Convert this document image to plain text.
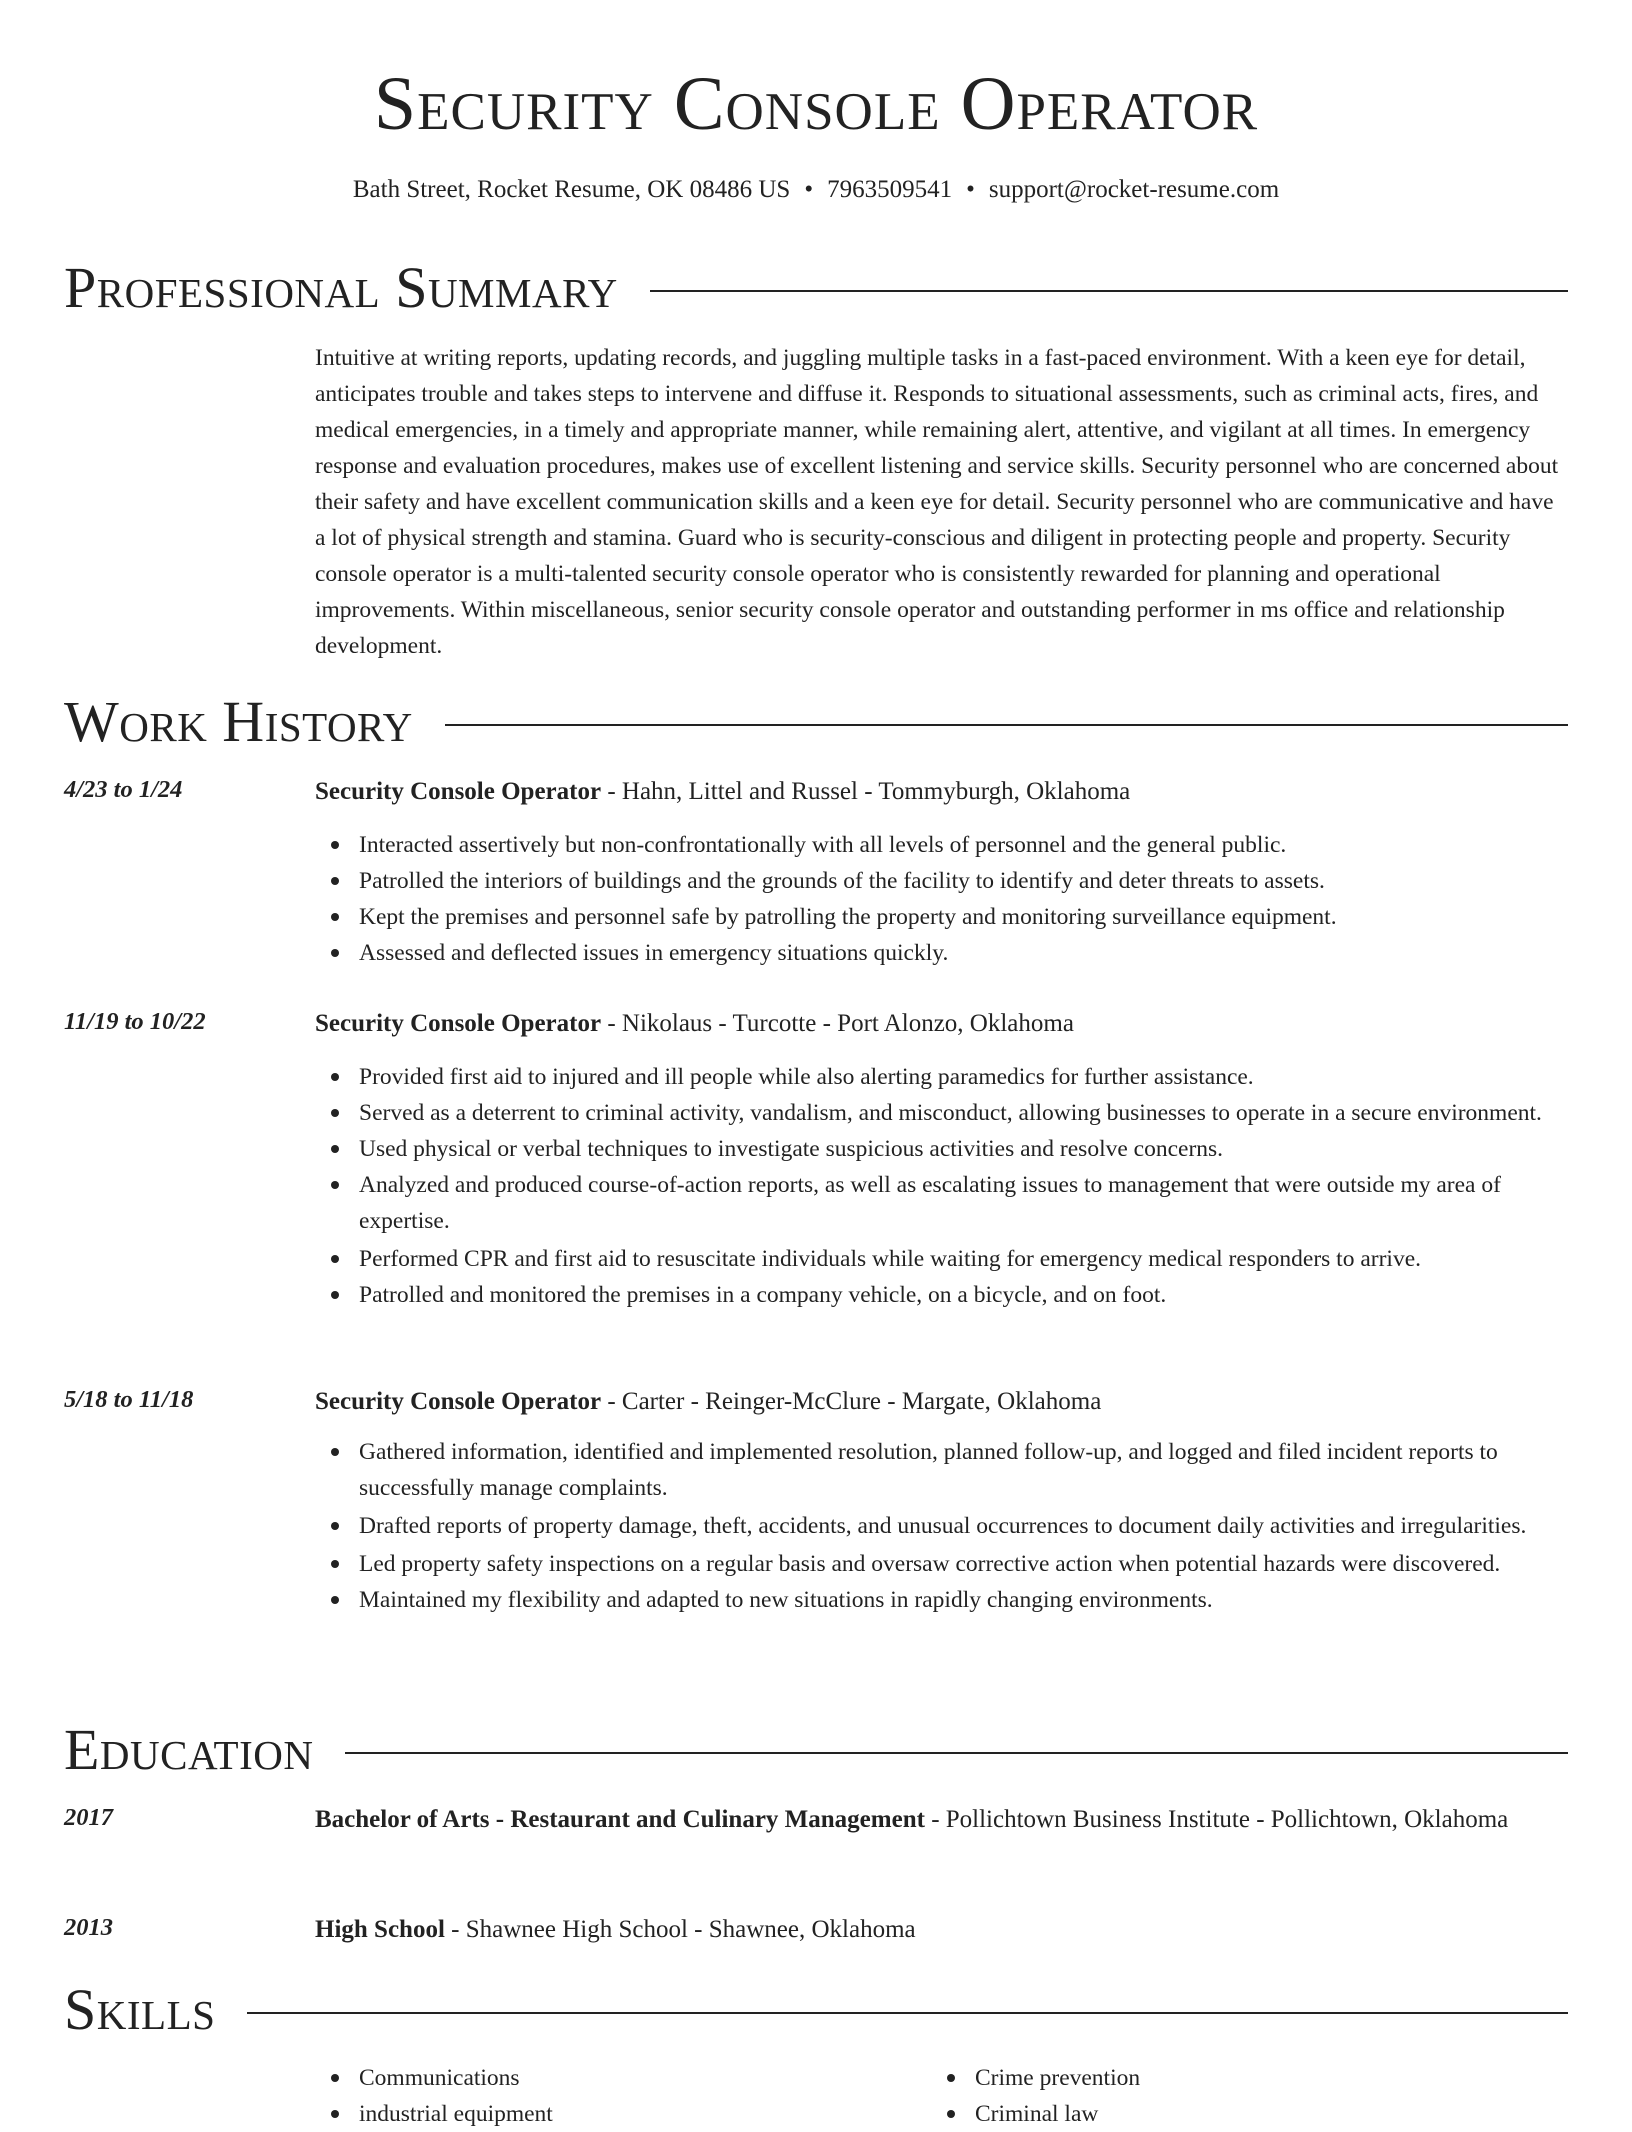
Security Console Operator
Bath Street, Rocket Resume, OK 08486 US • 7963509541 • support@rocket-resume.com
Professional Summary

Intuitive at writing reports, updating records, and juggling multiple tasks in a fast-paced environment. With a keen eye for detail, anticipates trouble and takes steps to intervene and diffuse it. Responds to situational assessments, such as criminal acts, fires, and medical emergencies, in a timely and appropriate manner, while remaining alert, attentive, and vigilant at all times. In emergency response and evaluation procedures, makes use of excellent listening and service skills. Security personnel who are concerned about their safety and have excellent communication skills and a keen eye for detail. Security personnel who are communicative and have a lot of physical strength and stamina. Guard who is security-conscious and diligent in protecting people and property. Security console operator is a multi-talented security console operator who is consistently rewarded for planning and operational improvements. Within miscellaneous, senior security console operator and outstanding performer in ms office and relationship development.

Work History
4/23 to 1/24	Security Console Operator - Hahn, Littel and Russel - Tommyburgh, Oklahoma
Interacted assertively but non-confrontationally with all levels of personnel and the general public.
Patrolled the interiors of buildings and the grounds of the facility to identify and deter threats to assets.
Kept the premises and personnel safe by patrolling the property and monitoring surveillance equipment.
Assessed and deflected issues in emergency situations quickly.
11/19 to 10/22	Security Console Operator - Nikolaus - Turcotte - Port Alonzo, Oklahoma
Provided first aid to injured and ill people while also alerting paramedics for further assistance.
Served as a deterrent to criminal activity, vandalism, and misconduct, allowing businesses to operate in a secure environment.
Used physical or verbal techniques to investigate suspicious activities and resolve concerns.
Analyzed and produced course-of-action reports, as well as escalating issues to management that were outside my area of expertise.
Performed CPR and first aid to resuscitate individuals while waiting for emergency medical responders to arrive.
Patrolled and monitored the premises in a company vehicle, on a bicycle, and on foot.
5/18 to 11/18	Security Console Operator - Carter - Reinger-McClure - Margate, Oklahoma
Gathered information, identified and implemented resolution, planned follow-up, and logged and filed incident reports to successfully manage complaints.
Drafted reports of property damage, theft, accidents, and unusual occurrences to document daily activities and irregularities.
Led property safety inspections on a regular basis and oversaw corrective action when potential hazards were discovered.
Maintained my flexibility and adapted to new situations in rapidly changing environments.
Education
2017	Bachelor of Arts - Restaurant and Culinary Management - Pollichtown Business Institute - Pollichtown, Oklahoma
2013	High School - Shawnee High School - Shawnee, Oklahoma
Skills
Communications
industrial equipment
Crime prevention
Criminal law
